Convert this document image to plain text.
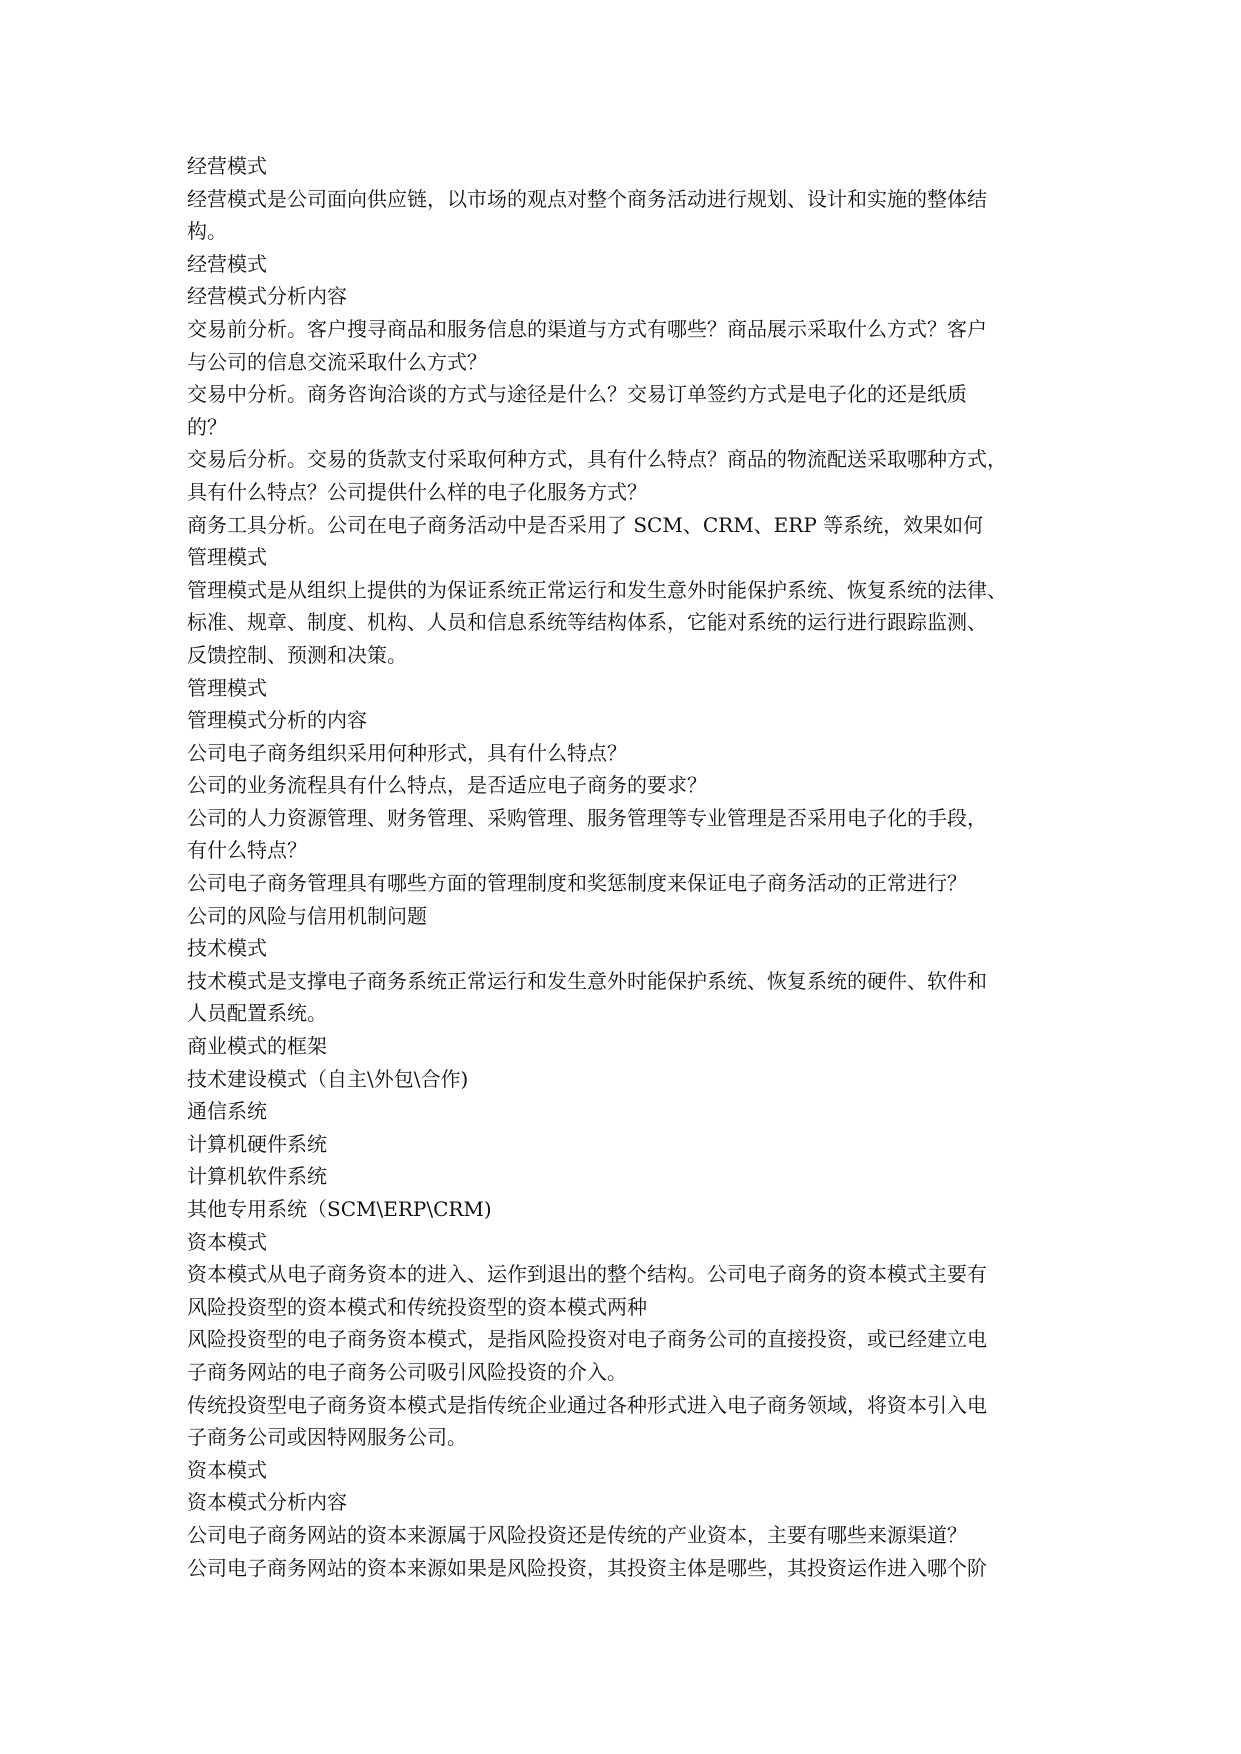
经营模式
经营模式是公司面向供应链，以市场的观点对整个商务活动进行规划、设计和实施的整体结
构。
经营模式
经营模式分析内容
交易前分析。客户搜寻商品和服务信息的渠道与方式有哪些？商品展示采取什么方式？客户
与公司的信息交流采取什么方式？
交易中分析。商务咨询洽谈的方式与途径是什么？交易订单签约方式是电子化的还是纸质
的？
交易后分析。交易的货款支付采取何种方式，具有什么特点？商品的物流配送采取哪种方式，
具有什么特点？公司提供什么样的电子化服务方式？
商务工具分析。公司在电子商务活动中是否采用了 SCM、CRM、ERP 等系统，效果如何
管理模式
管理模式是从组织上提供的为保证系统正常运行和发生意外时能保护系统、恢复系统的法律、
标准、规章、制度、机构、人员和信息系统等结构体系，它能对系统的运行进行跟踪监测、
反馈控制、预测和决策。
管理模式
管理模式分析的内容
公司电子商务组织采用何种形式，具有什么特点？
公司的业务流程具有什么特点，是否适应电子商务的要求？
公司的人力资源管理、财务管理、采购管理、服务管理等专业管理是否采用电子化的手段，
有什么特点？
公司电子商务管理具有哪些方面的管理制度和奖惩制度来保证电子商务活动的正常进行？
公司的风险与信用机制问题
技术模式
技术模式是支撑电子商务系统正常运行和发生意外时能保护系统、恢复系统的硬件、软件和
人员配置系统。
商业模式的框架
技术建设模式（自主\外包\合作)
通信系统
计算机硬件系统
计算机软件系统
其他专用系统（SCM\ERP\CRM)
资本模式
资本模式从电子商务资本的进入、运作到退出的整个结构。公司电子商务的资本模式主要有
风险投资型的资本模式和传统投资型的资本模式两种
风险投资型的电子商务资本模式，是指风险投资对电子商务公司的直接投资，或已经建立电
子商务网站的电子商务公司吸引风险投资的介入。
传统投资型电子商务资本模式是指传统企业通过各种形式进入电子商务领域，将资本引入电
子商务公司或因特网服务公司。
资本模式
资本模式分析内容
公司电子商务网站的资本来源属于风险投资还是传统的产业资本，主要有哪些来源渠道？
公司电子商务网站的资本来源如果是风险投资，其投资主体是哪些，其投资运作进入哪个阶
